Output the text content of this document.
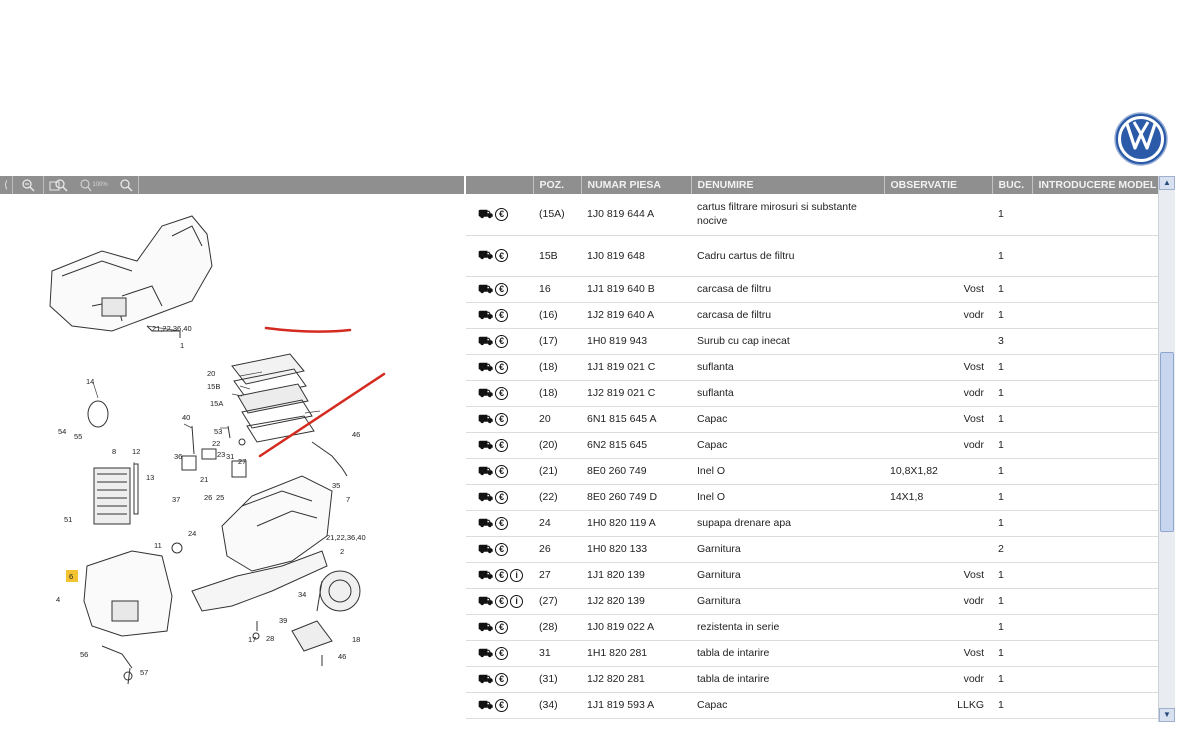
⟨	100%
21,22,36,40
1
20
15B
15A
14
40
53
22
23
54
55
8 12
36	31
27
13	21
37	26 25
46
35
7
21,22,36,40
2
51
24
11
6
4
34
39
17 28
46
18
56
57
	POZ.	NUMAR PIESA	DENUMIRE	OBSERVATIE	BUC.	INTRODUCERE MODEL

⛟ €	(15A)	1J0 819 644 A	cartus filtrare mirosuri si substante nocive		1	

⛟ €	15B	1J0 819 648	Cadru cartus de filtru		1	

⛟ €	16	1J1 819 640 B	carcasa de filtru	Vost	1	

⛟ €	(16)	1J2 819 640 A	carcasa de filtru	vodr	1	

⛟ €	(17)	1H0 819 943	Surub cu cap inecat		3	

⛟ €	(18)	1J1 819 021 C	suflanta	Vost	1	

⛟ €	(18)	1J2 819 021 C	suflanta	vodr	1	

⛟ €	20	6N1 815 645 A	Capac	Vost	1	

⛟ €	(20)	6N2 815 645	Capac	vodr	1	

⛟ €	(21)	8E0 260 749	Inel O	10,8X1,82	1	

⛟ €	(22)	8E0 260 749 D	Inel O	14X1,8	1	

⛟ €	24	1H0 820 119 A	supapa drenare apa		1	

⛟ €	26	1H0 820 133	Garnitura		2	

⛟ € i	27	1J1 820 139	Garnitura	Vost	1	

⛟ € i	(27)	1J2 820 139	Garnitura	vodr	1	

⛟ €	(28)	1J0 819 022 A	rezistenta in serie		1	

⛟ €	31	1H1 820 281	tabla de intarire	Vost	1	

⛟ €	(31)	1J2 820 281	tabla de intarire	vodr	1	

⛟ €	(34)	1J1 819 593 A	Capac	LLKG	1	
▲
▼
